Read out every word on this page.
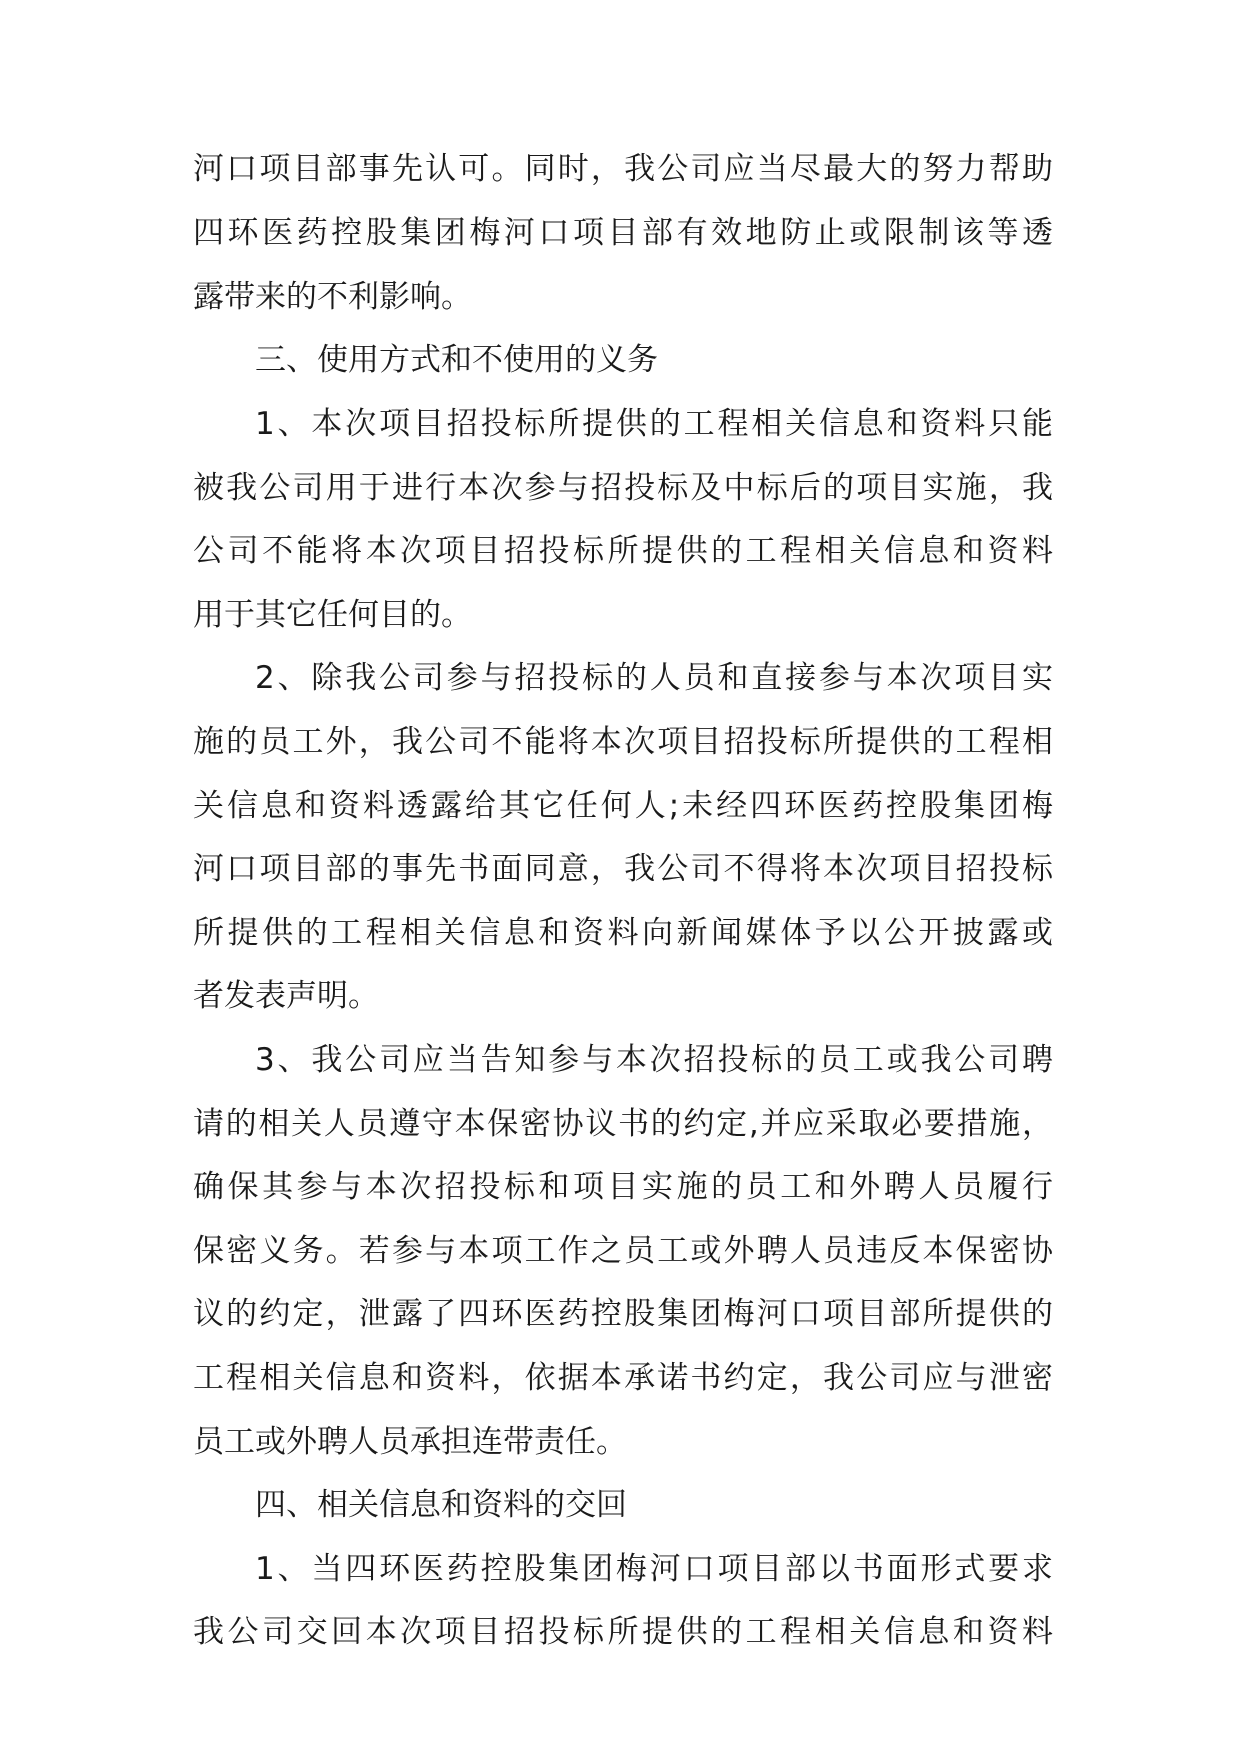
河口项目部事先认可。同时，我公司应当尽最大的努力帮助
四环医药控股集团梅河口项目部有效地防止或限制该等透
露带来的不利影响。
三、使用方式和不使用的义务
1、本次项目招投标所提供的工程相关信息和资料只能
被我公司用于进行本次参与招投标及中标后的项目实施，我
公司不能将本次项目招投标所提供的工程相关信息和资料
用于其它任何目的。
2、除我公司参与招投标的人员和直接参与本次项目实
施的员工外，我公司不能将本次项目招投标所提供的工程相
关信息和资料透露给其它任何人;未经四环医药控股集团梅
河口项目部的事先书面同意，我公司不得将本次项目招投标
所提供的工程相关信息和资料向新闻媒体予以公开披露或
者发表声明。
3、我公司应当告知参与本次招投标的员工或我公司聘
请的相关人员遵守本保密协议书的约定,并应采取必要措施，
确保其参与本次招投标和项目实施的员工和外聘人员履行
保密义务。若参与本项工作之员工或外聘人员违反本保密协
议的约定，泄露了四环医药控股集团梅河口项目部所提供的
工程相关信息和资料，依据本承诺书约定，我公司应与泄密
员工或外聘人员承担连带责任。
四、相关信息和资料的交回
1、当四环医药控股集团梅河口项目部以书面形式要求
我公司交回本次项目招投标所提供的工程相关信息和资料
